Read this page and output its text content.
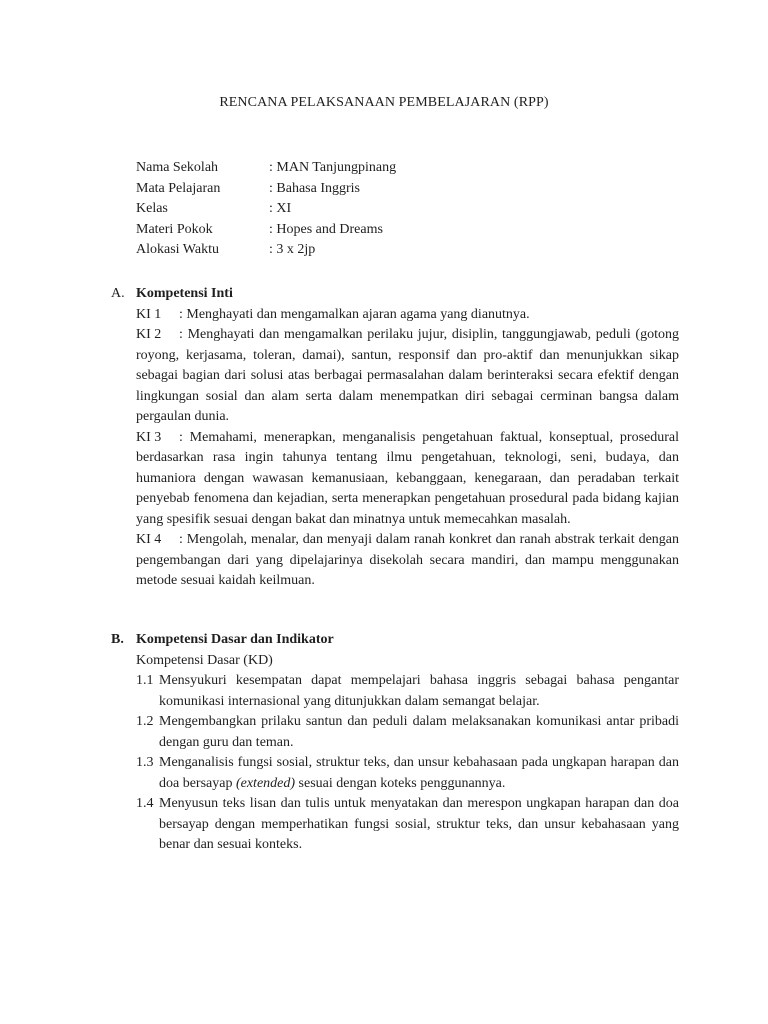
RENCANA PELAKSANAAN PEMBELAJARAN (RPP)
Nama Sekolah	: MAN Tanjungpinang
Mata Pelajaran	: Bahasa Inggris
Kelas	: XI
Materi Pokok	: Hopes and Dreams
Alokasi Waktu	: 3 x 2jp
A. Kompetensi Inti
KI 1 : Menghayati dan mengamalkan ajaran agama yang dianutnya.
KI 2 : Menghayati dan mengamalkan perilaku jujur, disiplin, tanggungjawab, peduli (gotong royong, kerjasama, toleran, damai), santun, responsif dan pro-aktif dan menunjukkan sikap sebagai bagian dari solusi atas berbagai permasalahan dalam berinteraksi secara efektif dengan lingkungan sosial dan alam serta dalam menempatkan diri sebagai cerminan bangsa dalam pergaulan dunia.
KI 3 : Memahami, menerapkan, menganalisis pengetahuan faktual, konseptual, prosedural berdasarkan rasa ingin tahunya tentang ilmu pengetahuan, teknologi, seni, budaya, dan humaniora dengan wawasan kemanusiaan, kebanggaan, kenegaraan, dan peradaban terkait penyebab fenomena dan kejadian, serta menerapkan pengetahuan prosedural pada bidang kajian yang spesifik sesuai dengan bakat dan minatnya untuk memecahkan masalah.
KI 4 : Mengolah, menalar, dan menyaji dalam ranah konkret dan ranah abstrak terkait dengan pengembangan dari yang dipelajarinya disekolah secara mandiri, dan mampu menggunakan metode sesuai kaidah keilmuan.
B. Kompetensi Dasar dan Indikator
Kompetensi Dasar (KD)
1.1 Mensyukuri kesempatan dapat mempelajari bahasa inggris sebagai bahasa pengantar komunikasi internasional yang ditunjukkan dalam semangat belajar.
1.2 Mengembangkan prilaku santun dan peduli dalam melaksanakan komunikasi antar pribadi dengan guru dan teman.
1.3 Menganalisis fungsi sosial, struktur teks, dan unsur kebahasaan pada ungkapan harapan dan doa bersayap (extended) sesuai dengan koteks penggunannya.
1.4 Menyusun teks lisan dan tulis untuk menyatakan dan merespon ungkapan harapan dan doa bersayap dengan memperhatikan fungsi sosial, struktur teks, dan unsur kebahasaan yang benar dan sesuai konteks.
